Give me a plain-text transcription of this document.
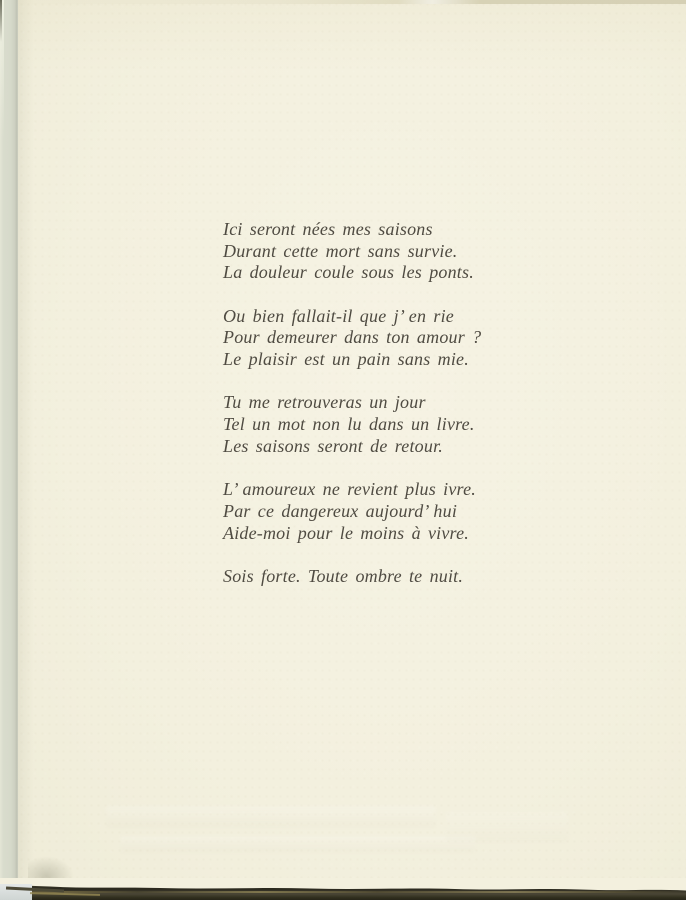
Ici seront nées mes saisons
Durant cette mort sans survie.
La douleur coule sous les ponts.
Ou bien fallait-il que j’ en rie
Pour demeurer dans ton amour ?
Le plaisir est un pain sans mie.
Tu me retrouveras un jour
Tel un mot non lu dans un livre.
Les saisons seront de retour.
L’ amoureux ne revient plus ivre.
Par ce dangereux aujourd’ hui
Aide-moi pour le moins à vivre.
Sois forte. Toute ombre te nuit.
